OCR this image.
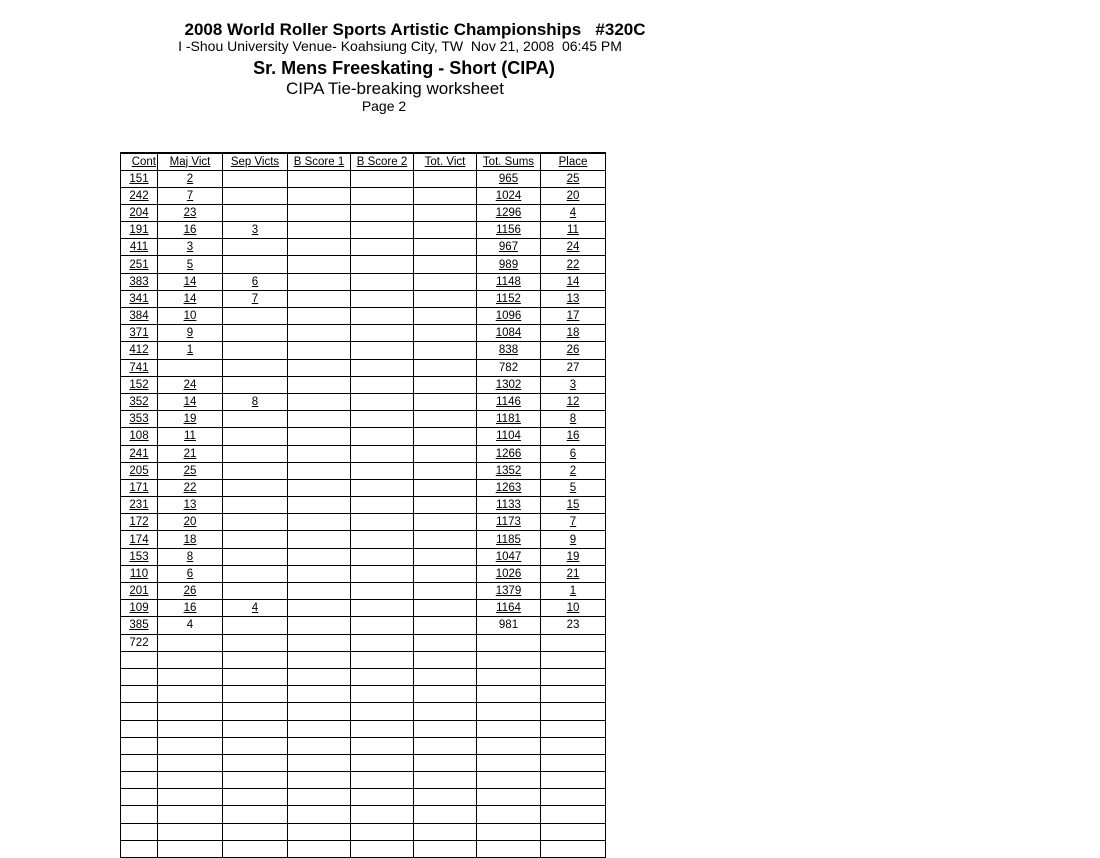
2008 World Roller Sports Artistic Championships   #320C
I -Shou University Venue- Koahsiung City, TW  Nov 21, 2008  06:45 PM
Sr. Mens Freeskating - Short (CIPA)
CIPA Tie-breaking worksheet
Page 2
Cont	Maj Vict	Sep Victs	B Score 1	B Score 2	Tot. Vict	Tot. Sums	Place
151	2					965	25
242	7					1024	20
204	23					1296	4
191	16	3				1156	11
411	3					967	24
251	5					989	22
383	14	6				1148	14
341	14	7				1152	13
384	10					1096	17
371	9					1084	18
412	1					838	26
741						782	27
152	24					1302	3
352	14	8				1146	12
353	19					1181	8
108	11					1104	16
241	21					1266	6
205	25					1352	2
171	22					1263	5
231	13					1133	15
172	20					1173	7
174	18					1185	9
153	8					1047	19
110	6					1026	21
201	26					1379	1
109	16	4				1164	10
385	4					981	23
722							
